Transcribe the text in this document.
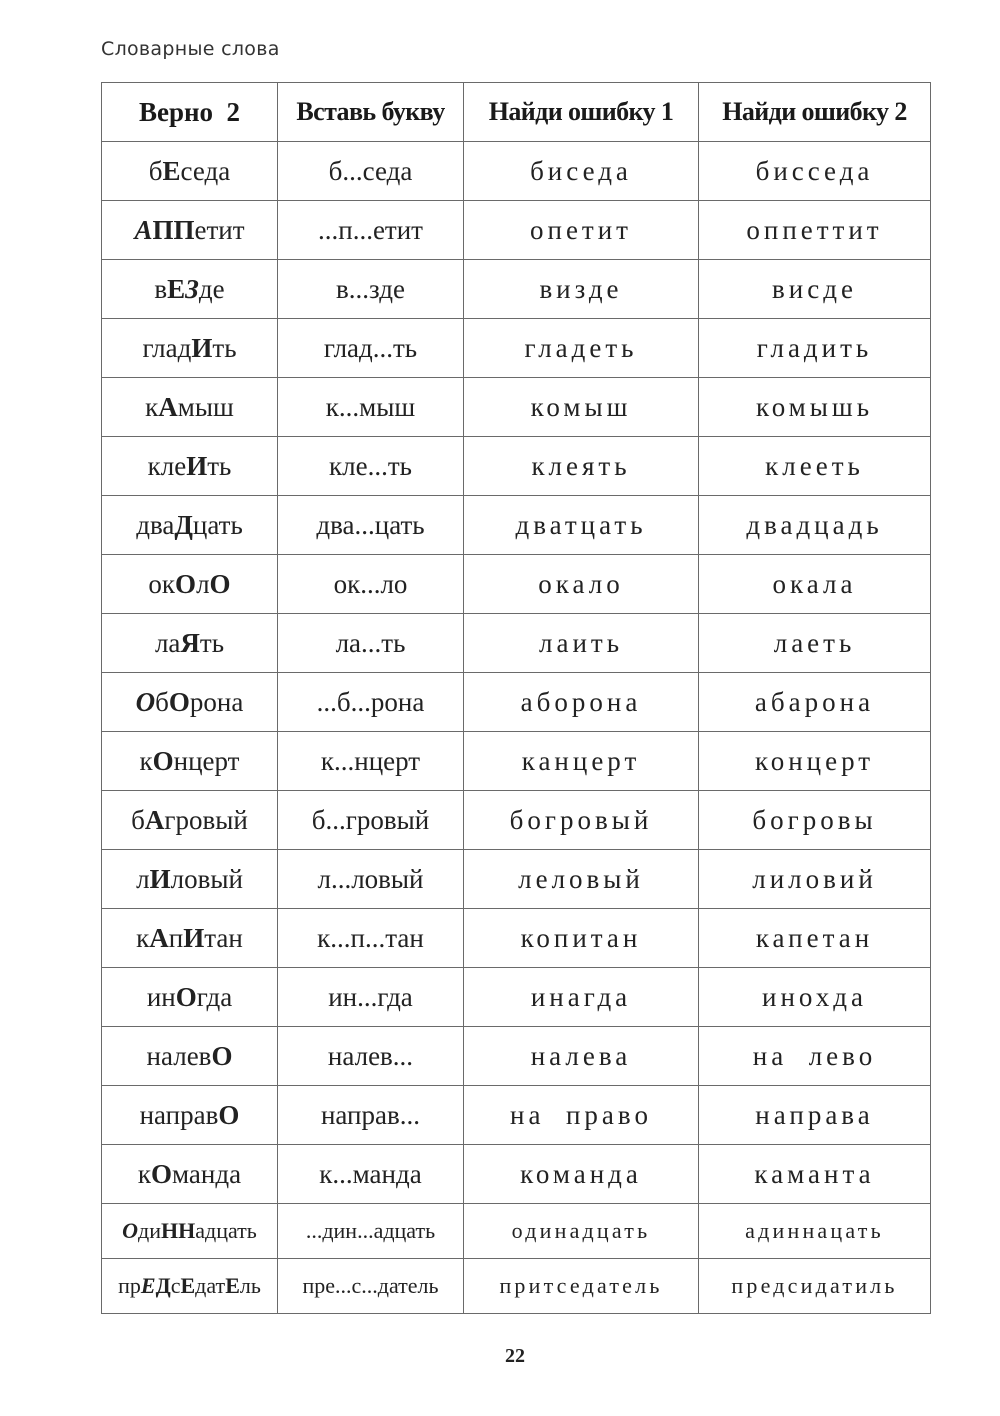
Словарные слова
Верно  2	Вставь букву	Найди ошибку 1	Найди ошибку 2
бЕседа	б...седа	биседа	бисседа
АППетит	...п...етит	опетит	оппеттит
вЕЗде	в...зде	визде	висде
гладИть	глад...ть	гладеть	гладить
кАмыш	к...мыш	комыш	комышь
клеИть	кле...ть	клеять	клееть
дваДцать	два...цать	дватцать	двадцадь
окОлО	ок...ло	окало	окала
лаЯть	ла...ть	лаить	лаеть
ОбОрона	...б...рона	аборона	абарона
кОнцерт	к...нцерт	канцерт	концерт
бАгровый	б...гровый	богровый	богровы
лИловый	л...ловый	леловый	лиловий
кАпИтан	к...п...тан	копитан	капетан
инОгда	ин...гда	инагда	инохда
налевО	налев...	налева	на  лево
направО	направ...	на  право	направа
кОманда	к...манда	команда	каманта
ОдиННадцать	...дин...адцать	одинадцать	адиннацать
прЕДсЕдатЕль	пре...с...датель	притседатель	предсидатиль
22
